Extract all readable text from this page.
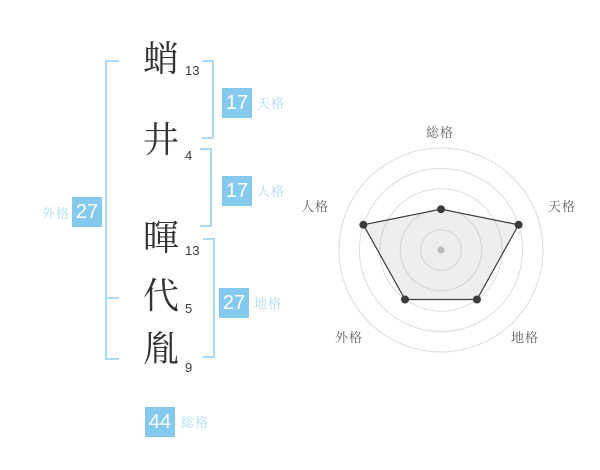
外格 27
蛸
井
暉
代
胤
13
4
13
5
9
17 天格
17 人格
27 地格
44 総格
総格
天格
地格
外格
人格
